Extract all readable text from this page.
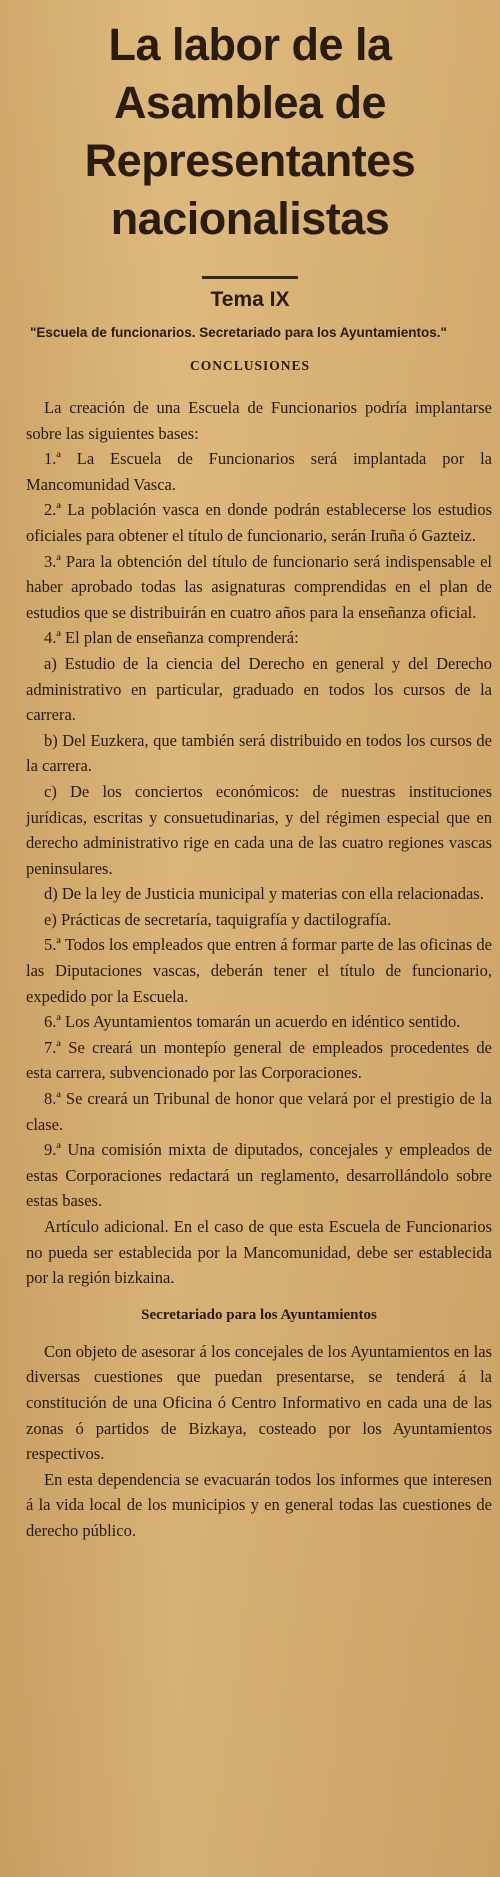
La labor de la Asamblea de Representantes nacionalistas
Tema IX
"Escuela de funcionarios. Secretariado para los Ayuntamientos."
CONCLUSIONES

La creación de una Escuela de Funcionarios podría implantarse sobre las siguientes bases:

1.ª La Escuela de Funcionarios será implantada por la Mancomunidad Vasca.

2.ª La población vasca en donde podrán establecerse los estudios oficiales para obtener el título de funcionario, serán Iruña ó Gazteiz.

3.ª Para la obtención del título de funcionario será indispensable el haber aprobado todas las asignaturas comprendidas en el plan de estudios que se distribuirán en cuatro años para la enseñanza oficial.

4.ª El plan de enseñanza comprenderá:

a) Estudio de la ciencia del Derecho en general y del Derecho administrativo en particular, graduado en todos los cursos de la carrera.

b) Del Euzkera, que también será distribuido en todos los cursos de la carrera.

c) De los conciertos económicos: de nuestras instituciones jurídicas, escritas y consuetudinarias, y del régimen especial que en derecho administrativo rige en cada una de las cuatro regiones vascas peninsulares.

d) De la ley de Justicia municipal y materias con ella relacionadas.

e) Prácticas de secretaría, taquigrafía y dactilografía.

5.ª Todos los empleados que entren á formar parte de las oficinas de las Diputaciones vascas, deberán tener el título de funcionario, expedido por la Escuela.

6.ª Los Ayuntamientos tomarán un acuerdo en idéntico sentido.

7.ª Se creará un montepío general de empleados procedentes de esta carrera, subvencionado por las Corporaciones.

8.ª Se creará un Tribunal de honor que velará por el prestigio de la clase.

9.ª Una comisión mixta de diputados, concejales y empleados de estas Corporaciones redactará un reglamento, desarrollándolo sobre estas bases.

Artículo adicional. En el caso de que esta Escuela de Funcionarios no pueda ser establecida por la Mancomunidad, debe ser establecida por la región bizkaina.

Secretariado para los Ayuntamientos

Con objeto de asesorar á los concejales de los Ayuntamientos en las diversas cuestiones que puedan presentarse, se tenderá á la constitución de una Oficina ó Centro Informativo en cada una de las zonas ó partidos de Bizkaya, costeado por los Ayuntamientos respectivos.

En esta dependencia se evacuarán todos los informes que interesen á la vida local de los municipios y en general todas las cuestiones de derecho público.
